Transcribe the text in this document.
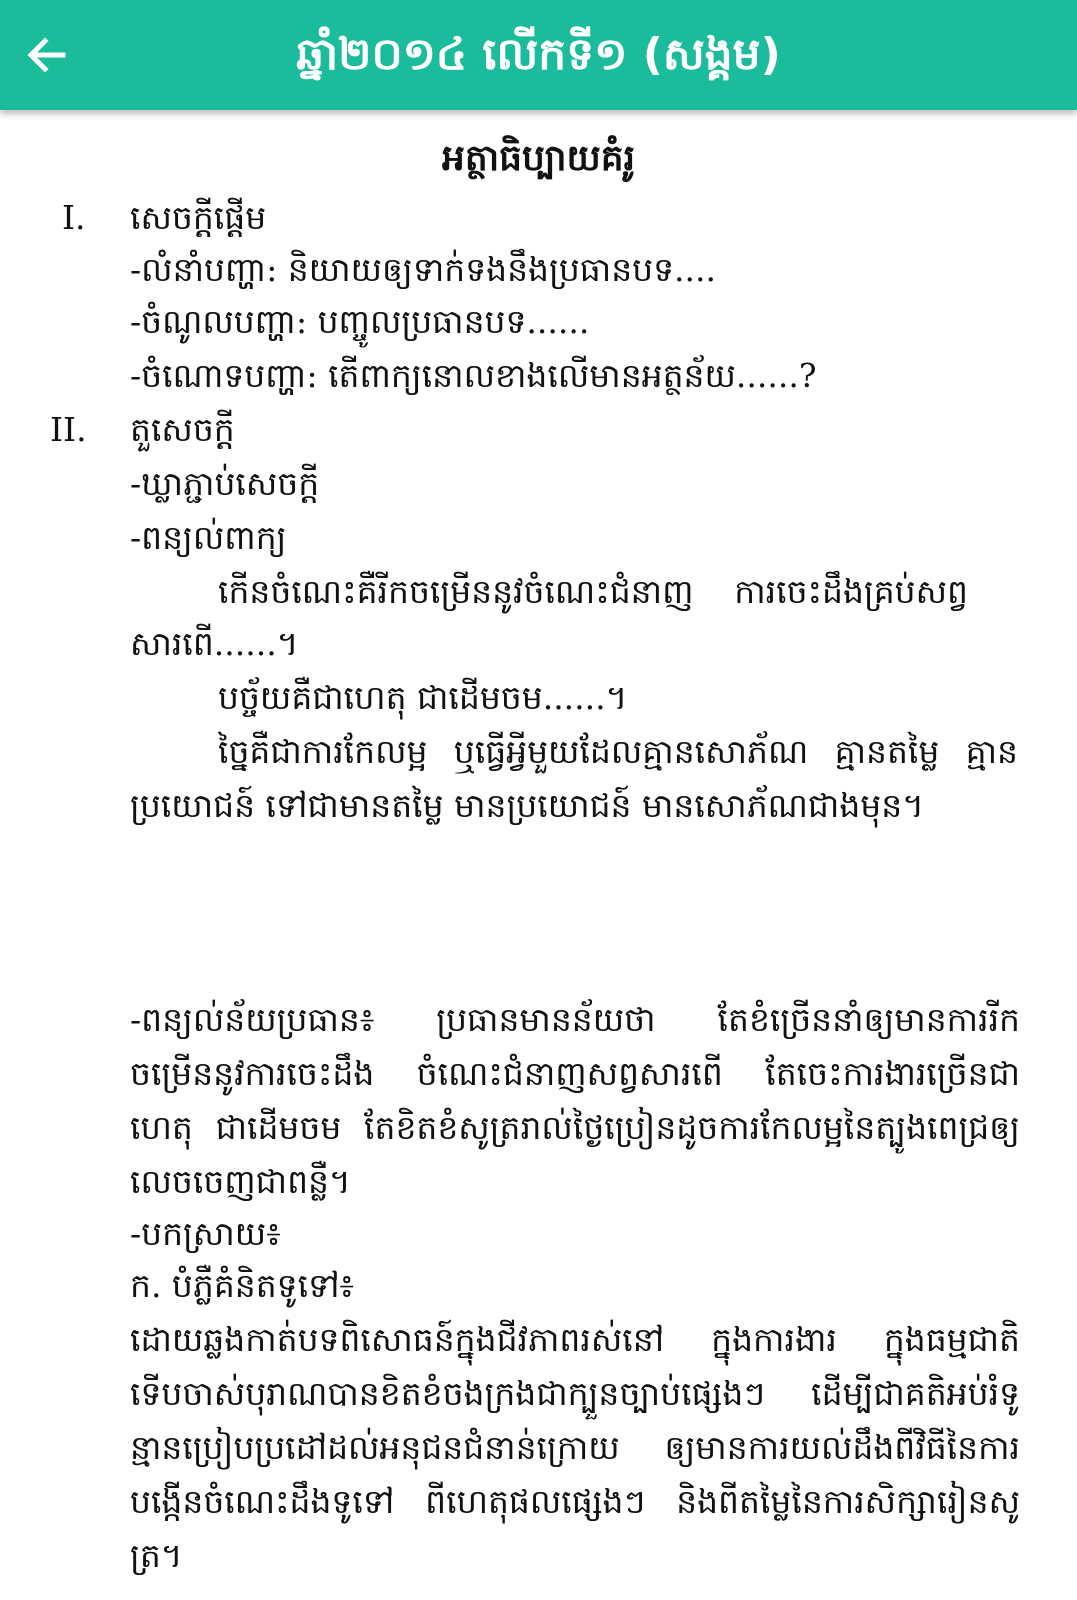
ឆ្នាំ២០១៤ លើកទី១ (សង្គម)
អត្ថាធិប្បាយគំរូ
I. សេចក្តីផ្តើម
-លំនាំបញ្ហា: និយាយឲ្យទាក់ទងនឹងប្រធានបទ....
-ចំណូលបញ្ហា: បញ្ចូលប្រធានបទ......
-ចំណោទបញ្ហា: តើពាក្យនោលខាងលើមានអត្ថន័យ......?
II. តួសេចក្តី
-ឃ្លាភ្ជាប់សេចក្តី
-ពន្យល់ពាក្យ
កើនចំណេះគឺរីកចម្រើននូវចំណេះជំនាញ ការចេះដឹងគ្រប់សព្វ
សារពើ......។
បច្ច័យគឺជាហេតុ ជាដើមចម......។
ច្នៃគឺជាការកែលម្អ ឬធ្វើអ្វីមួយដែលគ្មានសោភ័ណ គ្មានតម្លៃ គ្មាន
ប្រយោជន៍ ទៅជាមានតម្លៃ មានប្រយោជន៍ មានសោភ័ណជាងមុន។
-ពន្យល់ន័យប្រធាន៖ ប្រធានមានន័យថា តែខំច្រើននាំឲ្យមានការរីក
ចម្រើននូវការចេះដឹង ចំណេះជំនាញសព្វសារពើ តែចេះការងារច្រើនជា
ហេតុ ជាដើមចម តែខិតខំសូត្ររាល់ថ្ងៃប្រៀនដូចការកែលម្អនៃត្បូងពេជ្រឲ្យ
លេចចេញជាពន្លឺ។
-បកស្រាយ៖
ក. បំភ្លឺគំនិតទូទៅ៖
ដោយឆ្លងកាត់បទពិសោធន៍ក្នុងជីវភាពរស់នៅ ក្នុងការងារ ក្នុងធម្មជាតិ
ទើបចាស់បុរាណបានខិតខំចងក្រងជាក្បួនច្បាប់ផ្សេងៗ ដើម្បីជាគតិអប់រំទូ
ន្មានប្រៀបប្រដៅដល់អនុជនជំនាន់ក្រោយ ឲ្យមានការយល់ដឹងពីវិធីនៃការ
បង្កើនចំណេះដឹងទូទៅ ពីហេតុផលផ្សេងៗ និងពីតម្លៃនៃការសិក្សារៀនសូ
ត្រ។
